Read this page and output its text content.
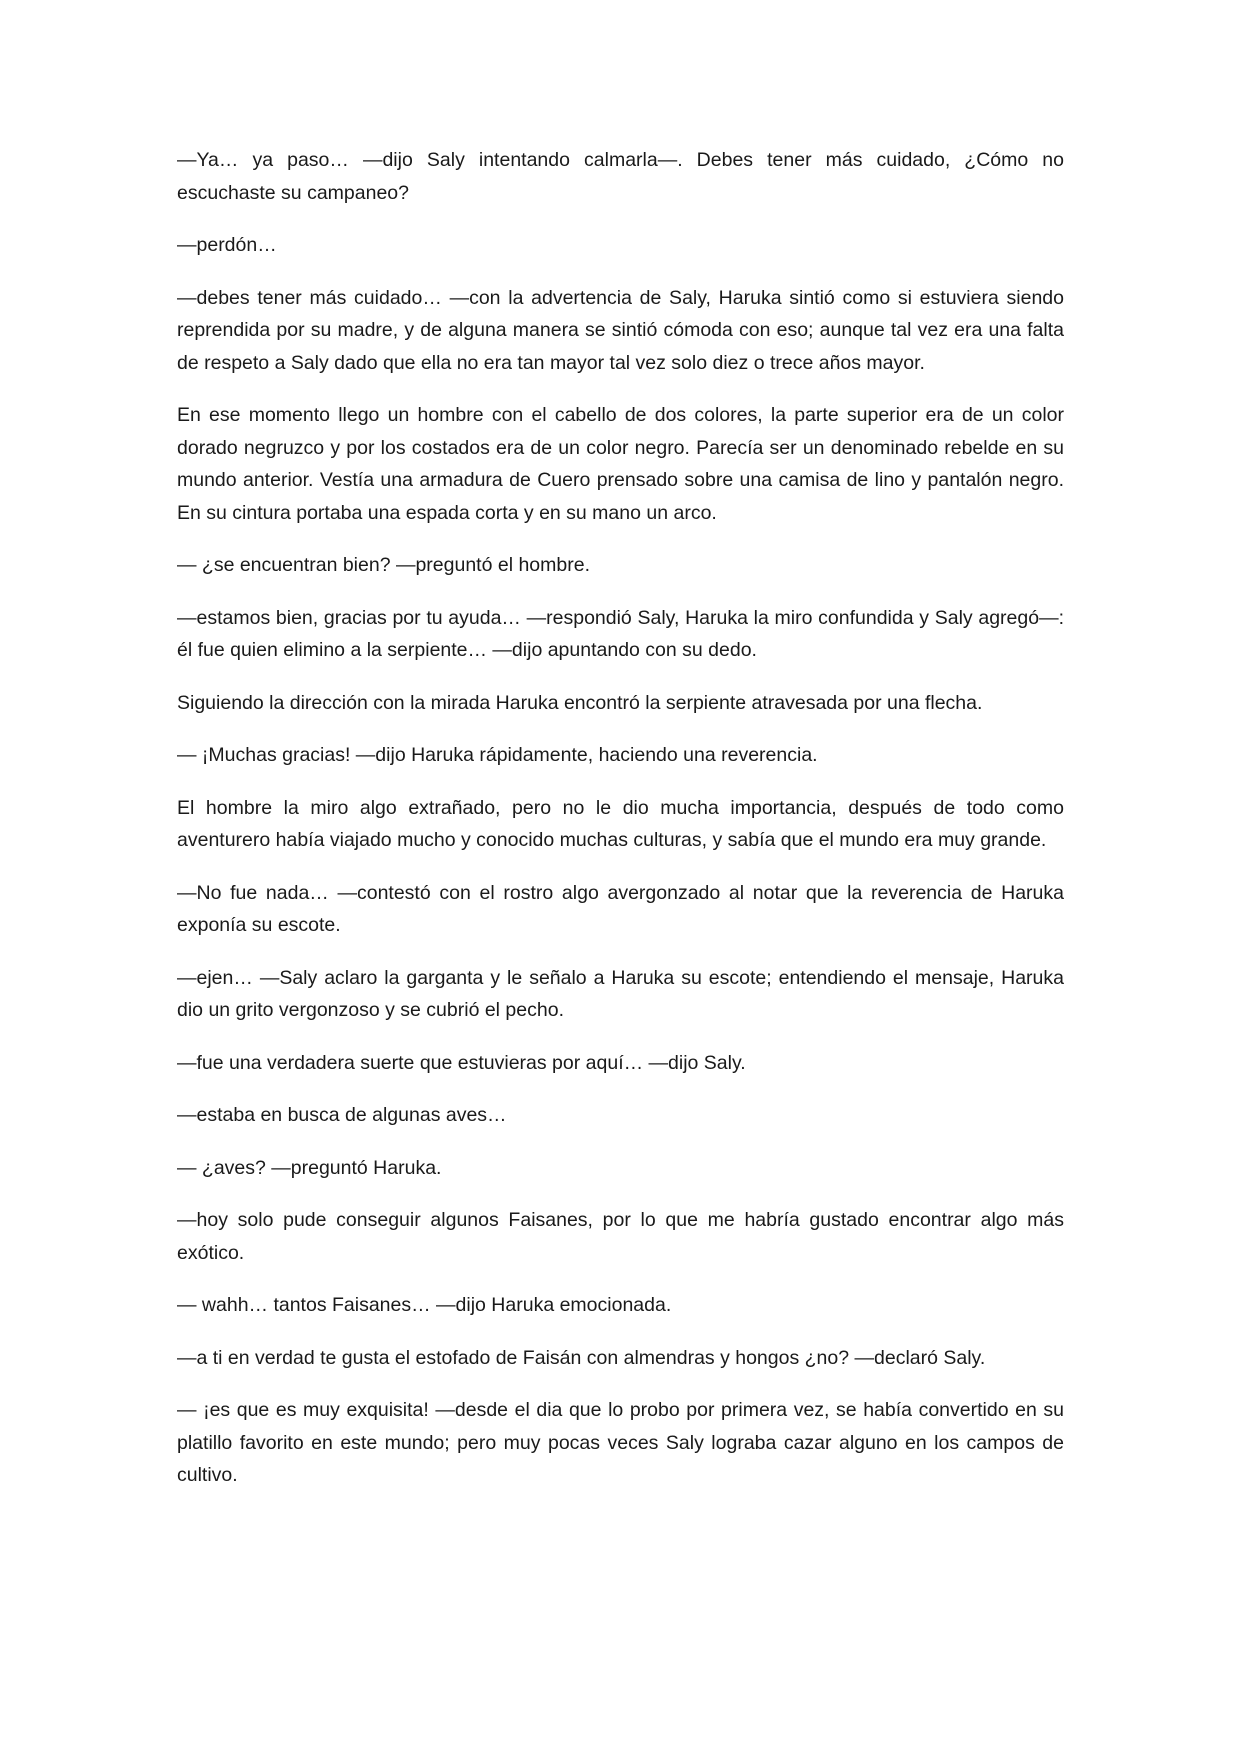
—Ya… ya paso… —dijo Saly intentando calmarla—. Debes tener más cuidado, ¿Cómo no escuchaste su campaneo?

—perdón…

—debes tener más cuidado… —con la advertencia de Saly, Haruka sintió como si estuviera siendo reprendida por su madre, y de alguna manera se sintió cómoda con eso; aunque tal vez era una falta de respeto a Saly dado que ella no era tan mayor tal vez solo diez o trece años mayor.

En ese momento llego un hombre con el cabello de dos colores, la parte superior era de un color dorado negruzco y por los costados era de un color negro. Parecía ser un denominado rebelde en su mundo anterior. Vestía una armadura de Cuero prensado sobre una camisa de lino y pantalón negro. En su cintura portaba una espada corta y en su mano un arco.

— ¿se encuentran bien? —preguntó el hombre.

—estamos bien, gracias por tu ayuda… —respondió Saly, Haruka la miro confundida y Saly agregó—: él fue quien elimino a la serpiente… —dijo apuntando con su dedo.

Siguiendo la dirección con la mirada Haruka encontró la serpiente atravesada por una flecha.

— ¡Muchas gracias! —dijo Haruka rápidamente, haciendo una reverencia.

El hombre la miro algo extrañado, pero no le dio mucha importancia, después de todo como aventurero había viajado mucho y conocido muchas culturas, y sabía que el mundo era muy grande.

—No fue nada… —contestó con el rostro algo avergonzado al notar que la reverencia de Haruka exponía su escote.

—ejen… —Saly aclaro la garganta y le señalo a Haruka su escote; entendiendo el mensaje, Haruka dio un grito vergonzoso y se cubrió el pecho.

—fue una verdadera suerte que estuvieras por aquí… —dijo Saly.

—estaba en busca de algunas aves…

— ¿aves? —preguntó Haruka.

—hoy solo pude conseguir algunos Faisanes, por lo que me habría gustado encontrar algo más exótico.

— wahh… tantos Faisanes… —dijo Haruka emocionada.

—a ti en verdad te gusta el estofado de Faisán con almendras y hongos ¿no? —declaró Saly.

— ¡es que es muy exquisita! —desde el dia que lo probo por primera vez, se había convertido en su platillo favorito en este mundo; pero muy pocas veces Saly lograba cazar alguno en los campos de cultivo.
